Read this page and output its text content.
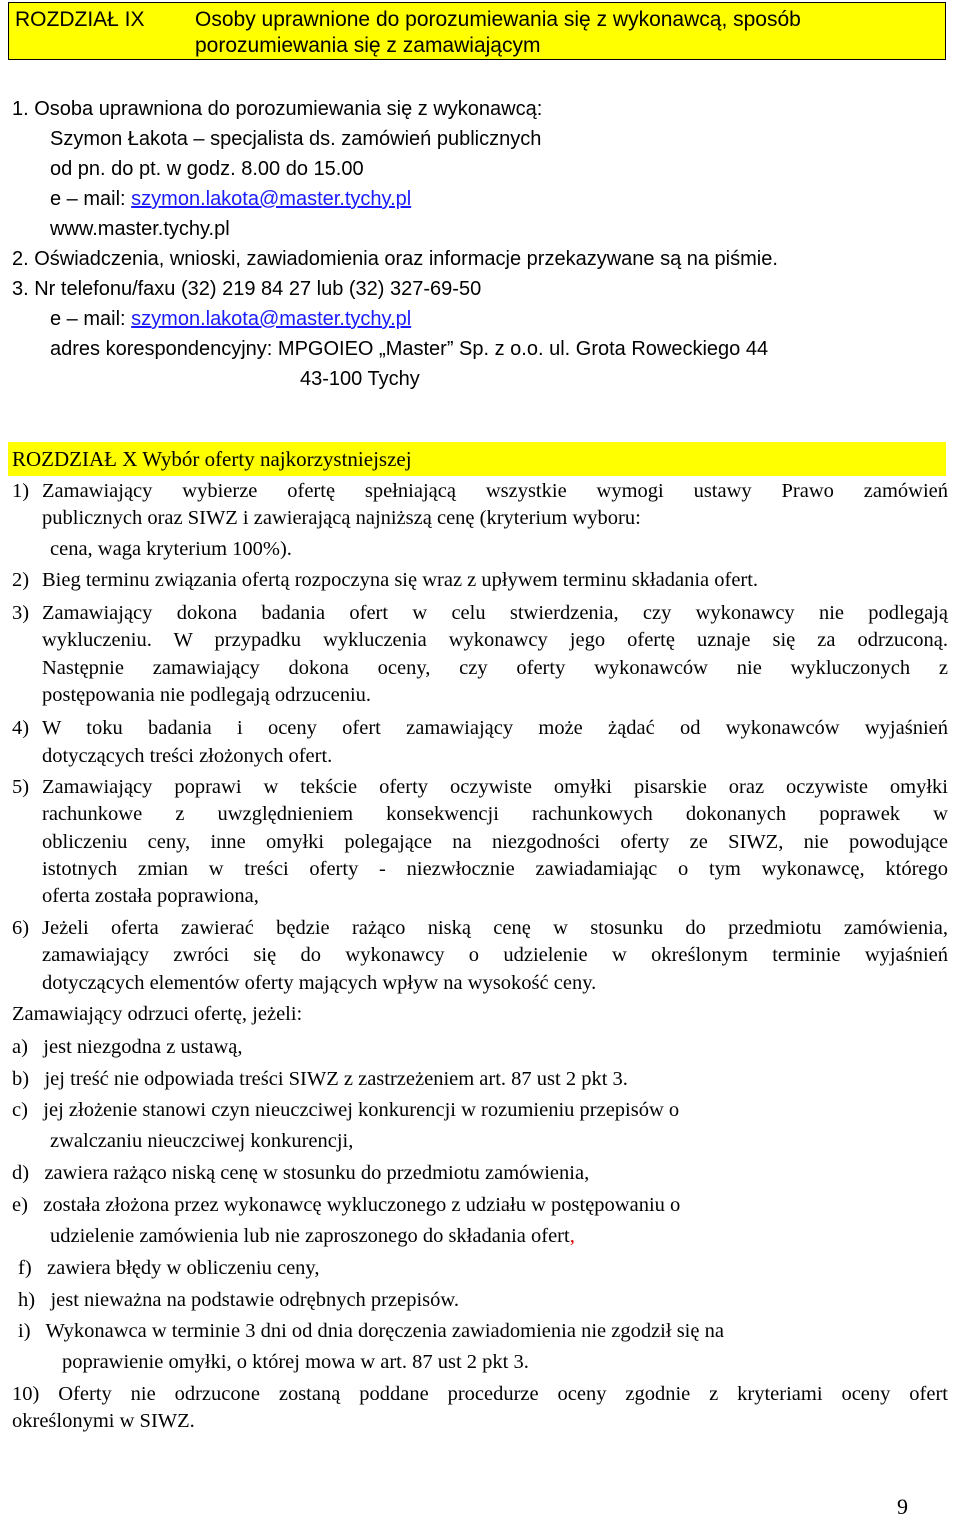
ROZDZIAŁ IX Osoby uprawnione do porozumiewania się z wykonawcą, sposób porozumiewania się z zamawiającym
1. Osoba uprawniona do porozumiewania się z wykonawcą:
Szymon Łakota – specjalista ds. zamówień publicznych
od pn. do pt. w godz. 8.00 do 15.00
e – mail: szymon.lakota@master.tychy.pl
www.master.tychy.pl
2. Oświadczenia, wnioski, zawiadomienia oraz informacje przekazywane są na piśmie.
3. Nr telefonu/faxu (32) 219 84 27 lub (32) 327-69-50
e – mail: szymon.lakota@master.tychy.pl
adres korespondencyjny: MPGOIEO „Master” Sp. z o.o. ul. Grota Roweckiego 44
43-100 Tychy
ROZDZIAŁ X Wybór oferty najkorzystniejszej
1) Zamawiający wybierze ofertę spełniającą wszystkie wymogi ustawy Prawo zamówień
publicznych oraz SIWZ i zawierającą najniższą cenę (kryterium wyboru:
cena, waga kryterium 100%).
2) Bieg terminu związania ofertą rozpoczyna się wraz z upływem terminu składania ofert.
3) Zamawiający dokona badania ofert w celu stwierdzenia, czy wykonawcy nie podlegają
wykluczeniu. W przypadku wykluczenia wykonawcy jego ofertę uznaje się za odrzuconą.
Następnie zamawiający dokona oceny, czy oferty wykonawców nie wykluczonych z
postępowania nie podlegają odrzuceniu.
4) W toku badania i oceny ofert zamawiający może żądać od wykonawców wyjaśnień
dotyczących treści złożonych ofert.
5) Zamawiający poprawi w tekście oferty oczywiste omyłki pisarskie oraz oczywiste omyłki
rachunkowe z uwzględnieniem konsekwencji rachunkowych dokonanych poprawek w
obliczeniu ceny, inne omyłki polegające na niezgodności oferty ze SIWZ, nie powodujące
istotnych zmian w treści oferty - niezwłocznie zawiadamiając o tym wykonawcę, którego
oferta została poprawiona,
6) Jeżeli oferta zawierać będzie rażąco niską cenę w stosunku do przedmiotu zamówienia,
zamawiający zwróci się do wykonawcy o udzielenie w określonym terminie wyjaśnień
dotyczących elementów oferty mających wpływ na wysokość ceny.
Zamawiający odrzuci ofertę, jeżeli:
a)   jest niezgodna z ustawą,
b)   jej treść nie odpowiada treści SIWZ z zastrzeżeniem art. 87 ust 2 pkt 3.
c)   jej złożenie stanowi czyn nieuczciwej konkurencji w rozumieniu przepisów o
zwalczaniu nieuczciwej konkurencji,
d)   zawiera rażąco niską cenę w stosunku do przedmiotu zamówienia,
e)   została złożona przez wykonawcę wykluczonego z udziału w postępowaniu o
udzielenie zamówienia lub nie zaproszonego do składania ofert,
f)   zawiera błędy w obliczeniu ceny,
h)   jest nieważna na podstawie odrębnych przepisów.
i)   Wykonawca w terminie 3 dni od dnia doręczenia zawiadomienia nie zgodził się na
poprawienie omyłki, o której mowa w art. 87 ust 2 pkt 3.
10) Oferty nie odrzucone zostaną poddane procedurze oceny zgodnie z kryteriami oceny ofert
określonymi w SIWZ.
9
